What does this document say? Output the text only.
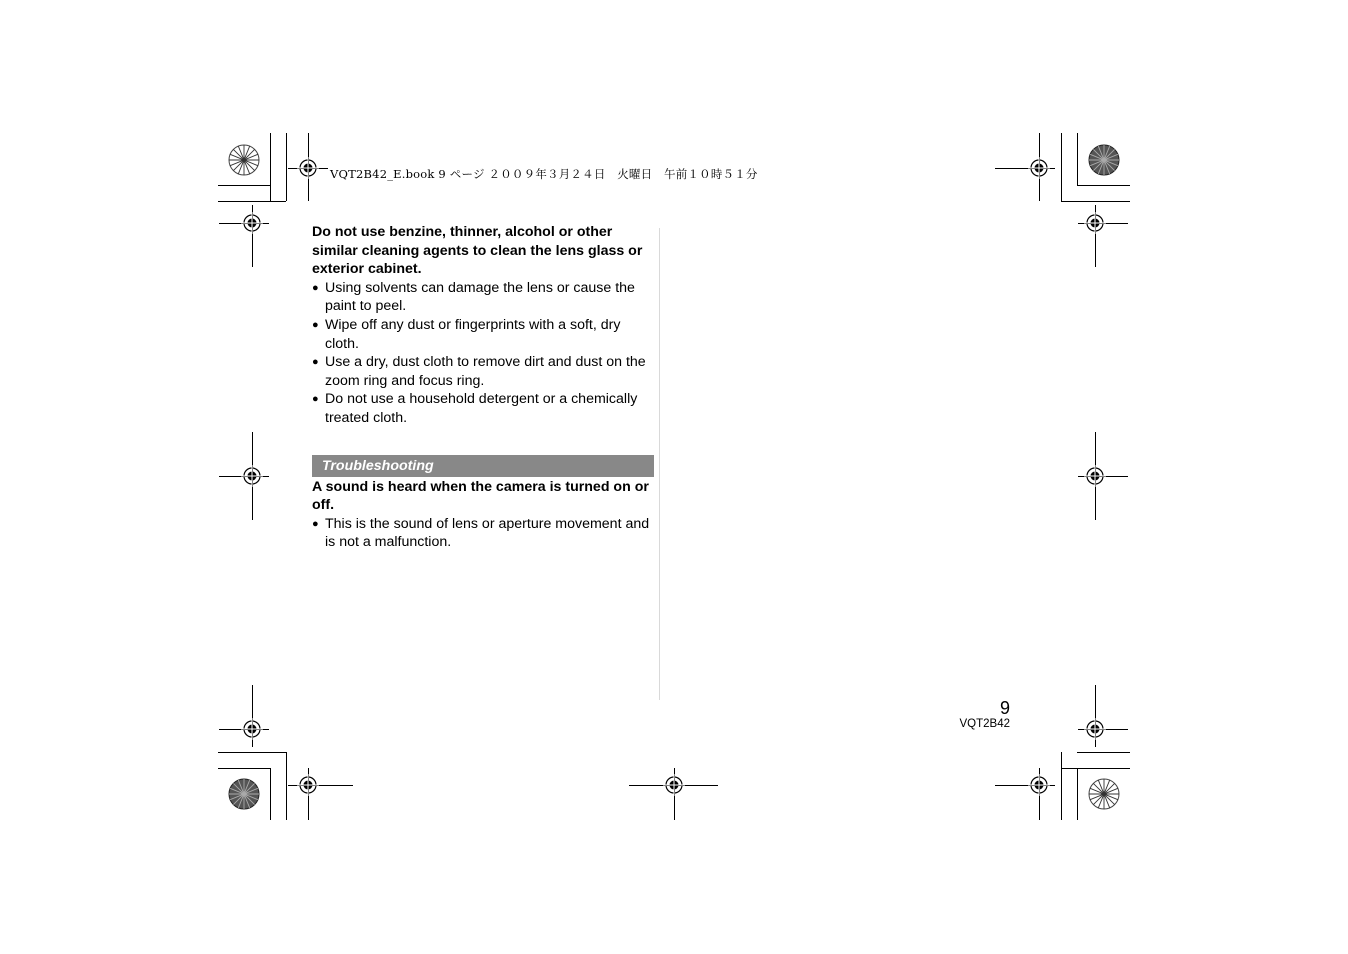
VQT2B42_E.book 9 ページ ２００９年３月２４日　火曜日　午前１０時５１分

Do not use benzine, thinner, alcohol or other similar cleaning agents to clean the lens glass or exterior cabinet.

● Using solvents can damage the lens or cause the paint to peel.
● Wipe off any dust or fingerprints with a soft, dry cloth.
● Use a dry, dust cloth to remove dirt and dust on the zoom ring and focus ring.
● Do not use a household detergent or a chemically treated cloth.
Troubleshooting

A sound is heard when the camera is turned on or off.

● This is the sound of lens or aperture movement and is not a malfunction.
9
VQT2B42
